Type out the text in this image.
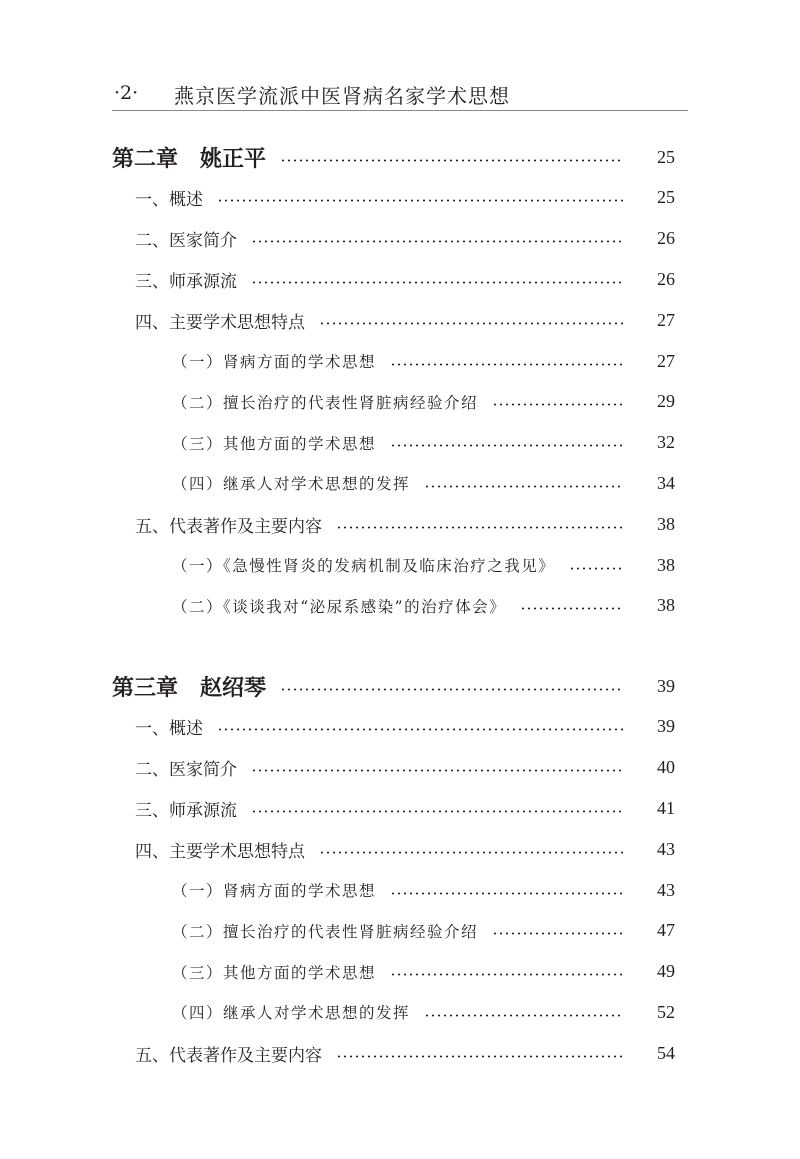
·2· 燕京医学流派中医肾病名家学术思想
第二章　姚正平	25
一、概述	25
二、医家简介	26
三、师承源流	26
四、主要学术思想特点	27
（一）肾病方面的学术思想	27
（二）擅长治疗的代表性肾脏病经验介绍	29
（三）其他方面的学术思想	32
（四）继承人对学术思想的发挥	34
五、代表著作及主要内容	38
（一）《急慢性肾炎的发病机制及临床治疗之我见》	38
（二）《谈谈我对“泌尿系感染”的治疗体会》	38
第三章　赵绍琴	39
一、概述	39
二、医家简介	40
三、师承源流	41
四、主要学术思想特点	43
（一）肾病方面的学术思想	43
（二）擅长治疗的代表性肾脏病经验介绍	47
（三）其他方面的学术思想	49
（四）继承人对学术思想的发挥	52
五、代表著作及主要内容	54
